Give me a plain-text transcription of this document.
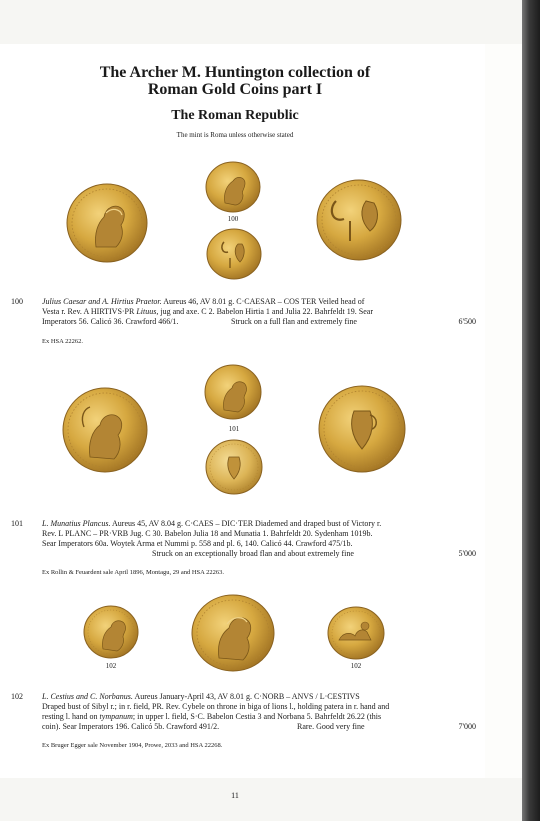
The Archer M. Huntington collection of
Roman Gold Coins part I
The Roman Republic
The mint is Roma unless otherwise stated
100
100 Julius Caesar and A. Hirtius Praetor. Aureus 46, AV 8.01 g. C·CAESAR – COS TER Veiled head of
Vesta r. Rev. A HIRTIVS·PR Lituus, jug and axe. C 2. Babelon Hirtia 1 and Julia 22. Bahrfeldt 19. Sear
Imperators 56. Calicó 36. Crawford 466/1.	Struck on a full flan and extremely fine	6'500
Ex HSA 22262.
101
101 L. Munatius Plancus. Aureus 45, AV 8.04 g. C·CAES – DIC·TER Diademed and draped bust of Victory r.
Rev. L PLANC – PR·VRB Jug. C 30. Babelon Julia 18 and Munatia 1. Bahrfeldt 20. Sydenham 1019b.
Sear Imperators 60a. Woytek Arma et Nummi p. 558 and pl. 6, 140. Calicó 44. Crawford 475/1b.
Struck on an exceptionally broad flan and about extremely fine	5'000
Ex Rollin & Feuardent sale April 1896, Montagu, 29 and HSA 22263.
102	102
102 L. Cestius and C. Norbanus. Aureus January-April 43, AV 8.01 g. C·NORB – ANVS / L·CESTIVS
Draped bust of Sibyl r.; in r. field, PR. Rev. Cybele on throne in biga of lions l., holding patera in r. hand and
resting l. hand on tympanum; in upper l. field, S·C. Babelon Cestia 3 and Norbana 5. Bahrfeldt 26.22 (this
coin). Sear Imperators 196. Calicó 5b. Crawford 491/2.	Rare. Good very fine	7'000
Ex Bruger Egger sale November 1904, Prowe, 2033 and HSA 22268.
11
